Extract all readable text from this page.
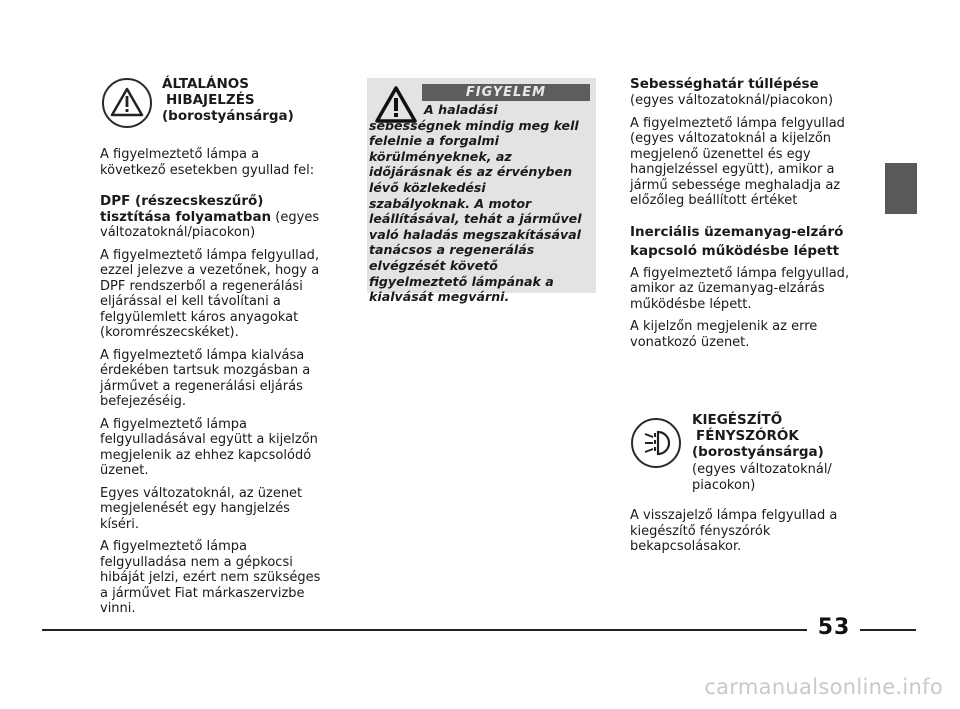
ÁLTALÁNOS
HIBAJELZÉS
(borostyánsárga)

A figyelmeztető lámpa a következő esetekben gyullad fel:

DPF (részecskeszűrő) tisztítása folyamatban (egyes változatoknál/piacokon)

A figyelmeztető lámpa felgyullad, ezzel jelezve a vezetőnek, hogy a DPF rendszerből a regenerálási eljárással el kell távolítani a felgyülemlett káros anyagokat (koromrészecskéket).

A figyelmeztető lámpa kialvása érdekében tartsuk mozgásban a járművet a regenerálási eljárás befejezéséig.

A figyelmeztető lámpa felgyulladásával együtt a kijelzőn megjelenik az ehhez kapcsolódó üzenet.

Egyes változatoknál, az üzenet megjelenését egy hangjelzés kíséri.

A figyelmeztető lámpa felgyulladása nem a gépkocsi hibáját jelzi, ezért nem szükséges a járművet Fiat márkaszervizbe vinni.

FIGYELEM

A haladási sebességnek mindig meg kell felelnie a forgalmi körülményeknek, az időjárásnak és az érvényben lévő közlekedési szabályoknak. A motor leállításával, tehát a járművel való haladás megszakításával tanácsos a regenerálás elvégzését követő figyelmeztető lámpának a kialvását megvárni.

Sebességhatár túllépése

(egyes változatoknál/piacokon)

A figyelmeztető lámpa felgyullad (egyes változatoknál a kijelzőn megjelenő üzenettel és egy hangjelzéssel együtt), amikor a jármű sebessége meghaladja az előzőleg beállított értéket

Inerciális üzemanyag-elzáró kapcsoló működésbe lépett

A figyelmeztető lámpa felgyullad, amikor az üzemanyag-elzárás működésbe lépett.

A kijelzőn megjelenik az erre vonatkozó üzenet.

KIEGÉSZÍTŐ
FÉNYSZÓRÓK
(borostyánsárga)

(egyes változatoknál/ piacokon)

A visszajelző lámpa felgyullad a kiegészítő fényszórók bekapcsolásakor.

53
carmanualsonline.info
